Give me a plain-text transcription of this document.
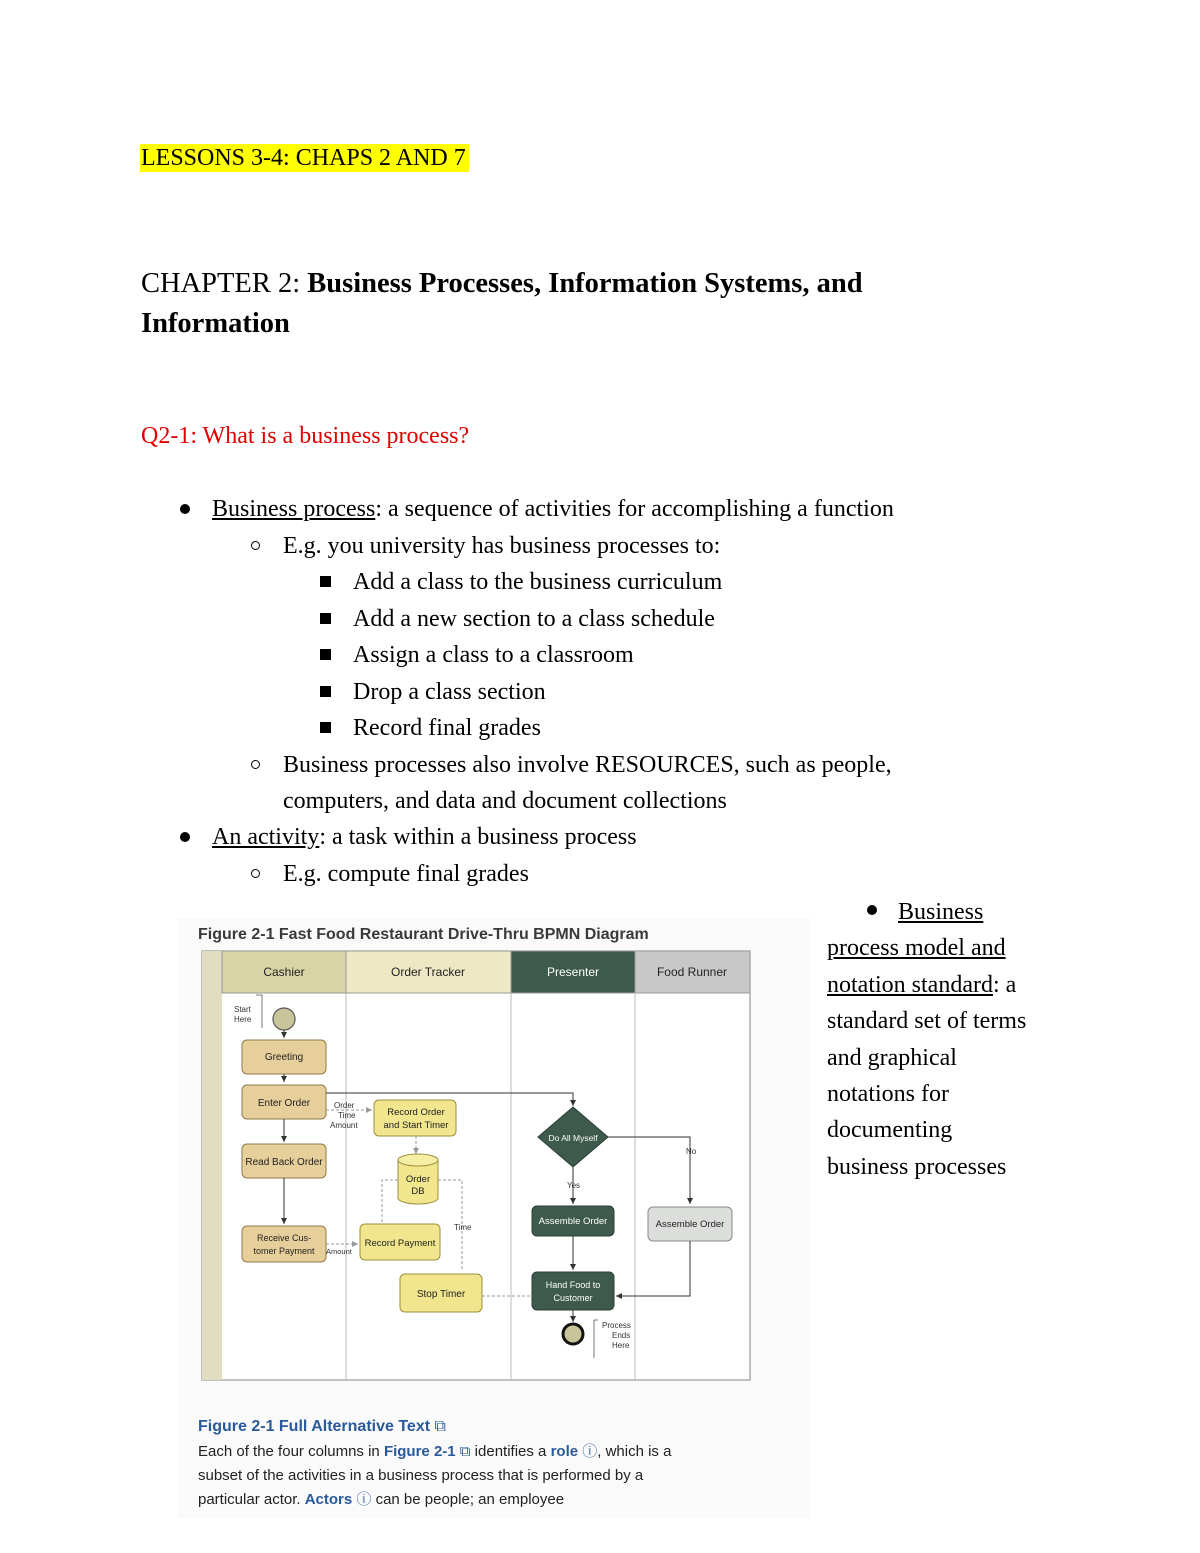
LESSONS 3-4: CHAPS 2 AND 7
CHAPTER 2: Business Processes, Information Systems, and
Information
Q2-1: What is a business process?
Business process: a sequence of activities for accomplishing a function
E.g. you university has business processes to:
Add a class to the business curriculum
Add a new section to a class schedule
Assign a class to a classroom
Drop a class section
Record final grades
Business processes also involve RESOURCES, such as people,
computers, and data and document collections
An activity: a task within a business process
E.g. compute final grades
Business
process model and
notation standard: a
standard set of terms
and graphical
notations for
documenting
business processes
Figure 2-1 Fast Food Restaurant Drive-Thru BPMN Diagram
Cashier	Order Tracker	Presenter	Food Runner
Start
Here
Greeting
Enter Order
Read Back Order
Receive Cus-
tomer Payment
Order
Time
Amount
Record Order
and Start Timer
Order
DB
Amount
Record Payment
Time
Stop Timer
Do All Myself
Yes
No
Assemble Order	Assemble Order
Hand Food to
Customer
Process
Ends
Here
Figure 2-1 Full Alternative Text ⧉
Each of the four columns in Figure 2-1 ⧉ identifies a role ⓘ, which is a
subset of the activities in a business process that is performed by a
particular actor. Actors ⓘ can be people; an employee
